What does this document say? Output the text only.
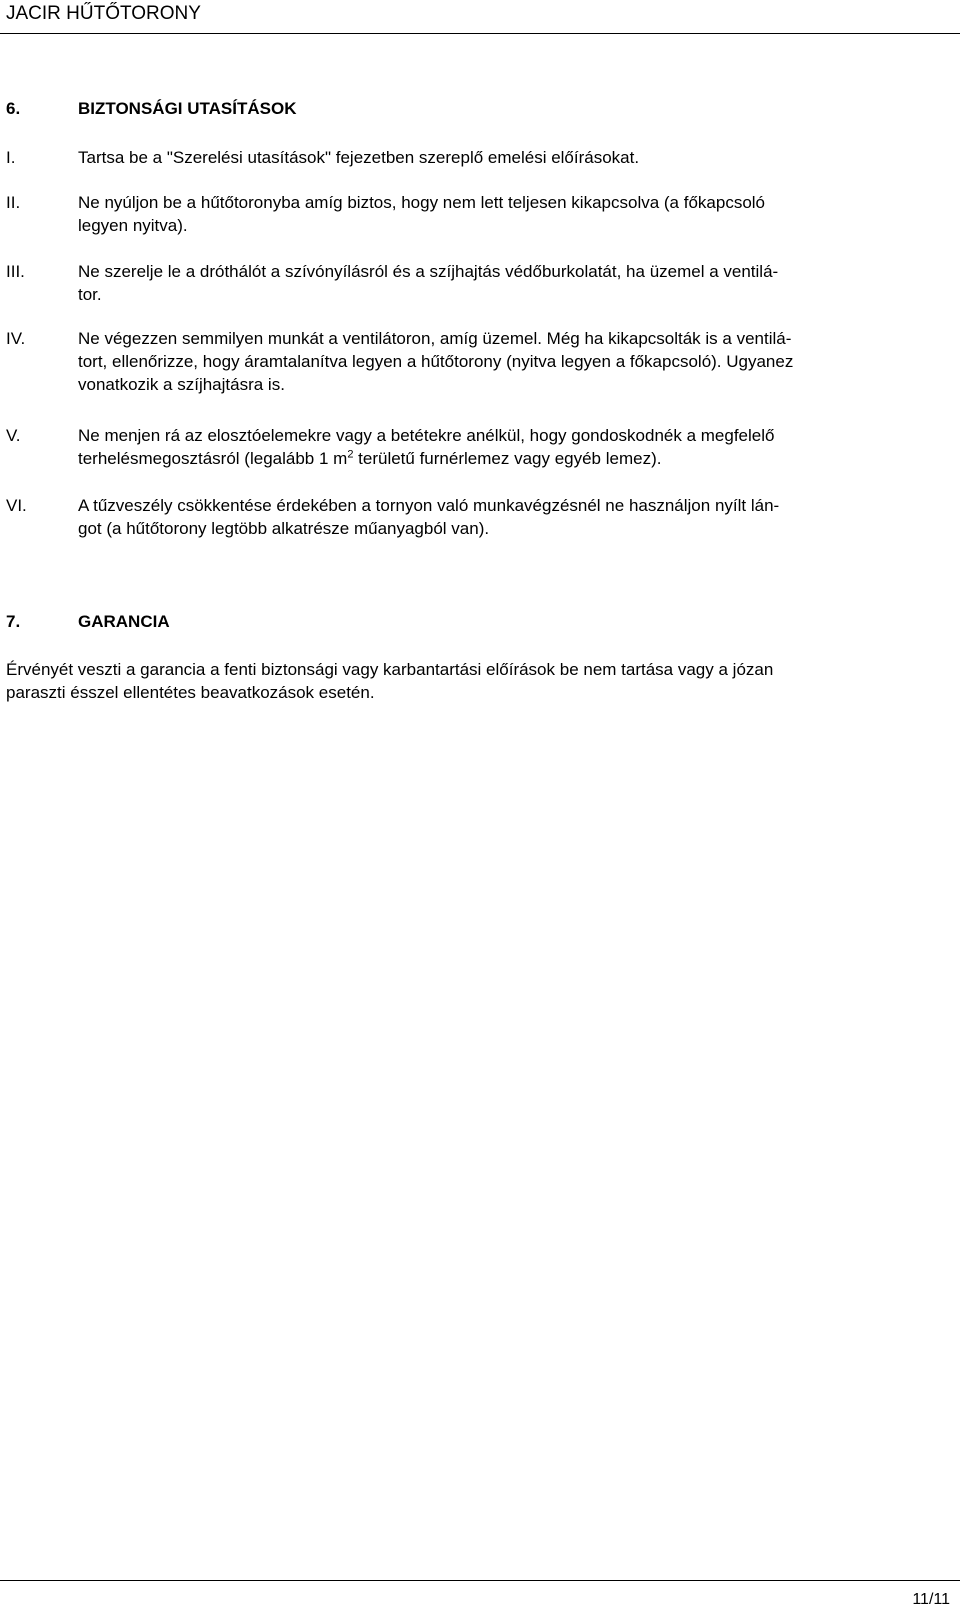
JACIR HŰTŐTORONY
6.	BIZTONSÁGI UTASÍTÁSOK
I.	Tartsa be a "Szerelési utasítások" fejezetben szereplő emelési előírásokat.
II.	Ne nyúljon be a hűtőtoronyba amíg biztos, hogy nem lett teljesen kikapcsolva (a főkapcsoló
legyen nyitva).
III.	Ne szerelje le a dróthálót a szívónyílásról és a szíjhajtás védőburkolatát, ha üzemel a ventilá-
tor.
IV.	Ne végezzen semmilyen munkát a ventilátoron, amíg üzemel. Még ha kikapcsolták is a ventilá-
tort, ellenőrizze, hogy áramtalanítva legyen a hűtőtorony (nyitva legyen a főkapcsoló). Ugyanez
vonatkozik a szíjhajtásra is.
V.	Ne menjen rá az elosztóelemekre vagy a betétekre anélkül, hogy gondoskodnék a megfelelő
terhelésmegosztásról (legalább 1 $m^2$ területű furnérlemez vagy egyéb lemez).
VI.	A tűzveszély csökkentése érdekében a tornyon való munkavégzésnél ne használjon nyílt lán-
got (a hűtőtorony legtöbb alkatrésze műanyagból van).
7.	GARANCIA
Érvényét veszti a garancia a fenti biztonsági vagy karbantartási előírások be nem tartása vagy a józan
paraszti ésszel ellentétes beavatkozások esetén.
11/11
